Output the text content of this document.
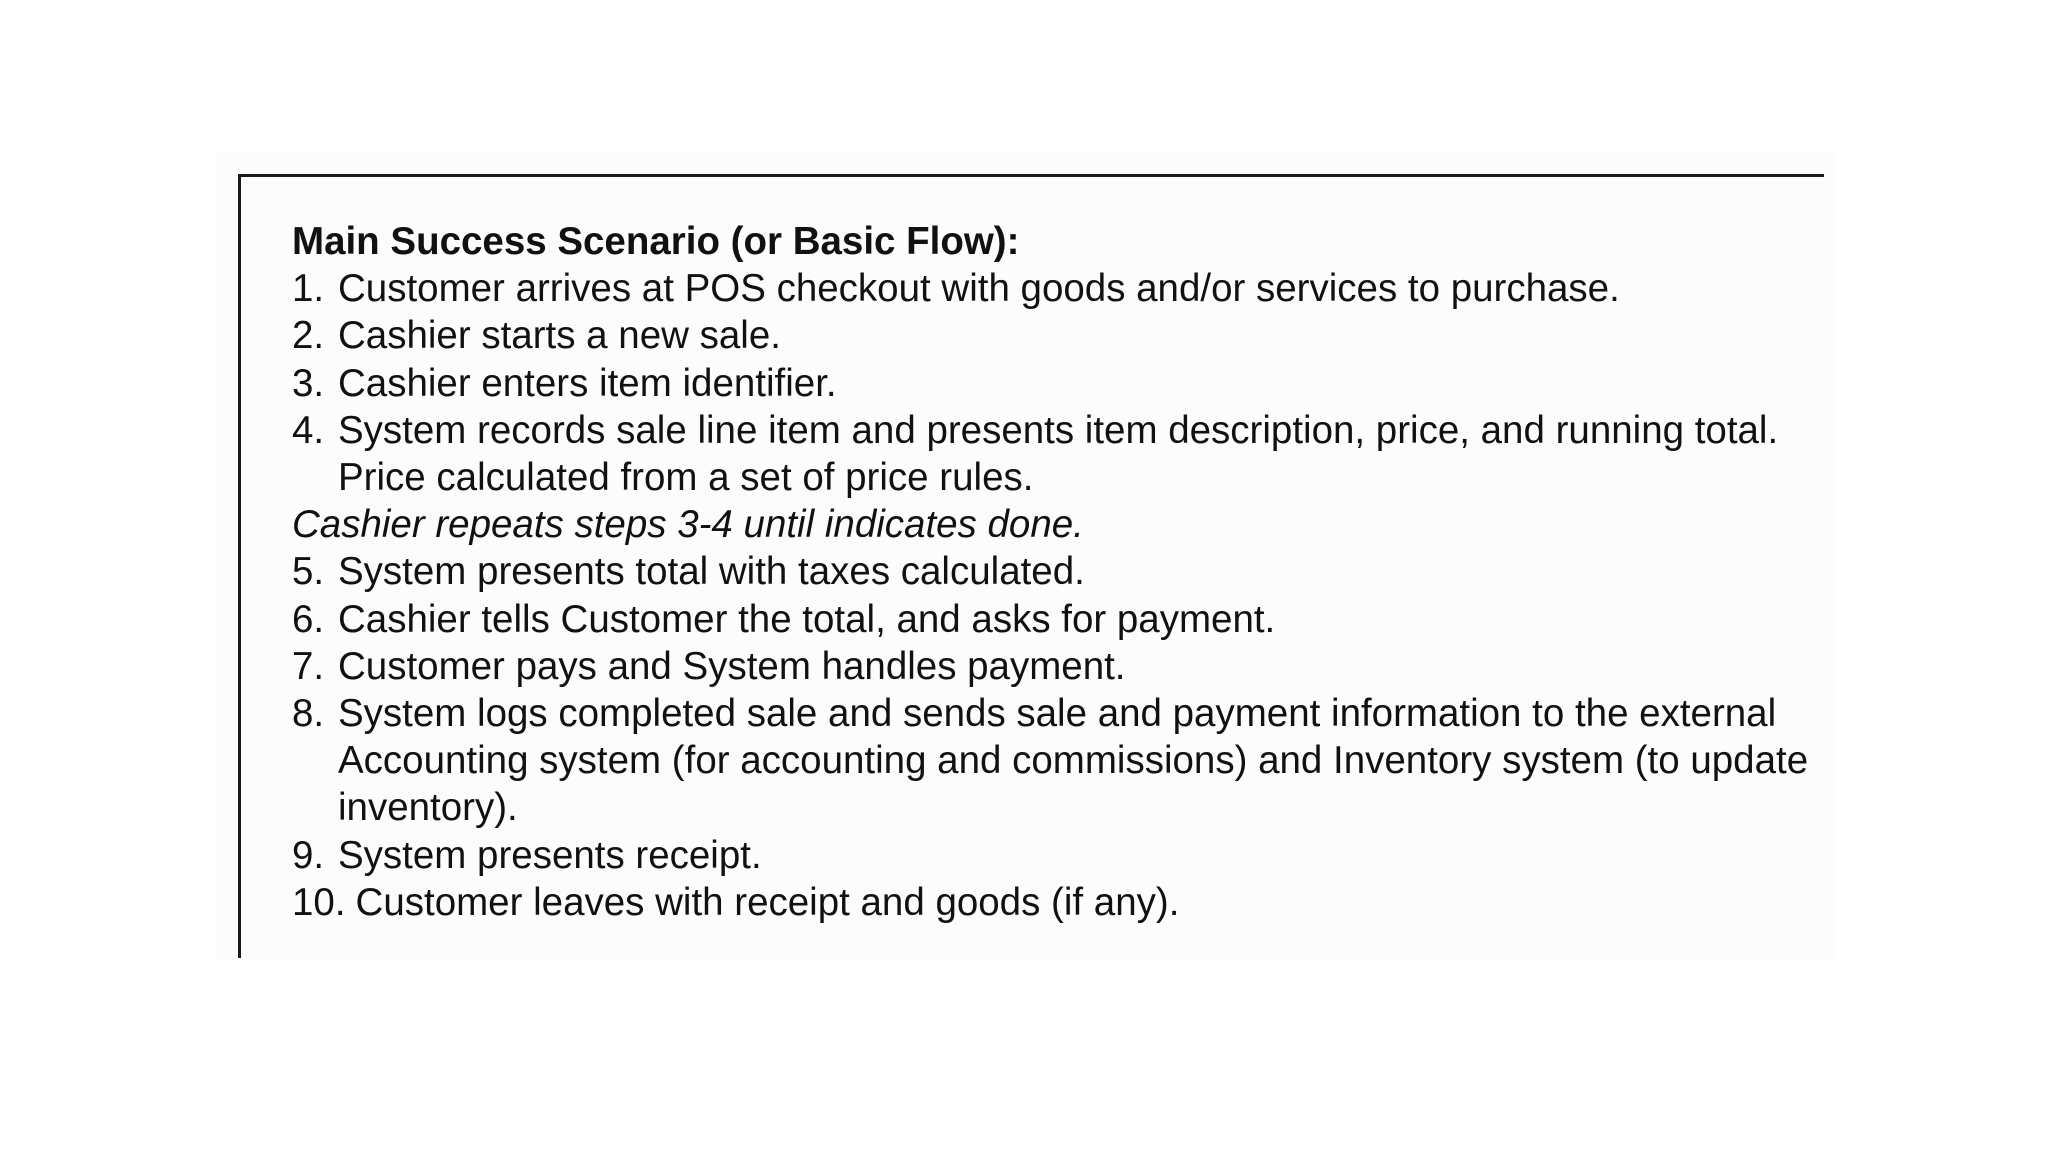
Main Success Scenario (or Basic Flow):
1. Customer arrives at POS checkout with goods and/or services to purchase.
2. Cashier starts a new sale.
3. Cashier enters item identifier.
4. System records sale line item and presents item description, price, and running total. Price calculated from a set of price rules.
Cashier repeats steps 3-4 until indicates done.
5. System presents total with taxes calculated.
6. Cashier tells Customer the total, and asks for payment.
7. Customer pays and System handles payment.
8. System logs completed sale and sends sale and payment information to the external Accounting system (for accounting and commissions) and Inventory system (to update inventory).
9. System presents receipt.
10. Customer leaves with receipt and goods (if any).
